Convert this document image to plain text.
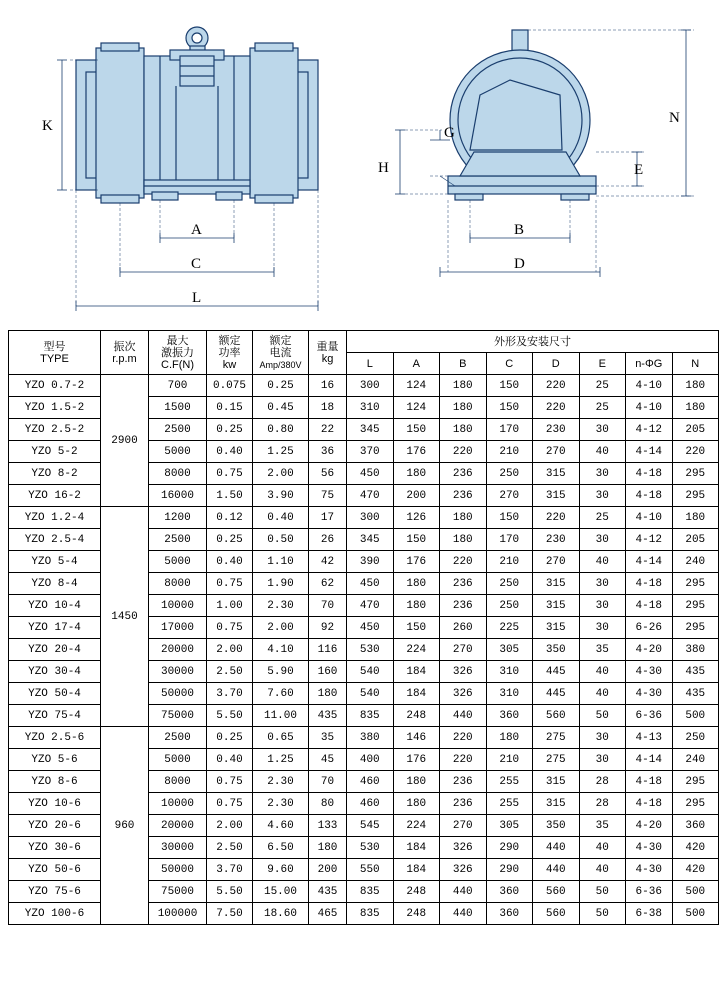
K
A
C
L
G
H	E
N
B
D
型号
TYPE

振次
r.p.m

最大
激振力
C.F(N)

额定
功率
kw

额定
电流
Amp/380V

重量
kg
	外形及安装尺寸
						L	A	B	C	D	E	n-ΦG	N
YZO 0.7-2	2900	700	0.075	0.25	16	300	124	180	150	220	25	4-10	180
YZO 1.5-2		1500	0.15	0.45	18	310	124	180	150	220	25	4-10	180
YZO 2.5-2		2500	0.25	0.80	22	345	150	180	170	230	30	4-12	205
YZO 5-2		5000	0.40	1.25	36	370	176	220	210	270	40	4-14	220
YZO 8-2		8000	0.75	2.00	56	450	180	236	250	315	30	4-18	295
YZO 16-2		16000	1.50	3.90	75	470	200	236	270	315	30	4-18	295
YZO 1.2-4	1450	1200	0.12	0.40	17	300	126	180	150	220	25	4-10	180
YZO 2.5-4		2500	0.25	0.50	26	345	150	180	170	230	30	4-12	205
YZO 5-4		5000	0.40	1.10	42	390	176	220	210	270	40	4-14	240
YZO 8-4		8000	0.75	1.90	62	450	180	236	250	315	30	4-18	295
YZO 10-4		10000	1.00	2.30	70	470	180	236	250	315	30	4-18	295
YZO 17-4		17000	0.75	2.00	92	450	150	260	225	315	30	6-26	295
YZO 20-4		20000	2.00	4.10	116	530	224	270	305	350	35	4-20	380
YZO 30-4		30000	2.50	5.90	160	540	184	326	310	445	40	4-30	435
YZO 50-4		50000	3.70	7.60	180	540	184	326	310	445	40	4-30	435
YZO 75-4		75000	5.50	11.00	435	835	248	440	360	560	50	6-36	500
YZO 2.5-6	960	2500	0.25	0.65	35	380	146	220	180	275	30	4-13	250
YZO 5-6		5000	0.40	1.25	45	400	176	220	210	275	30	4-14	240
YZO 8-6		8000	0.75	2.30	70	460	180	236	255	315	28	4-18	295
YZO 10-6		10000	0.75	2.30	80	460	180	236	255	315	28	4-18	295
YZO 20-6		20000	2.00	4.60	133	545	224	270	305	350	35	4-20	360
YZO 30-6		30000	2.50	6.50	180	530	184	326	290	440	40	4-30	420
YZO 50-6		50000	3.70	9.60	200	550	184	326	290	440	40	4-30	420
YZO 75-6		75000	5.50	15.00	435	835	248	440	360	560	50	6-36	500
YZO 100-6		100000	7.50	18.60	465	835	248	440	360	560	50	6-38	500
